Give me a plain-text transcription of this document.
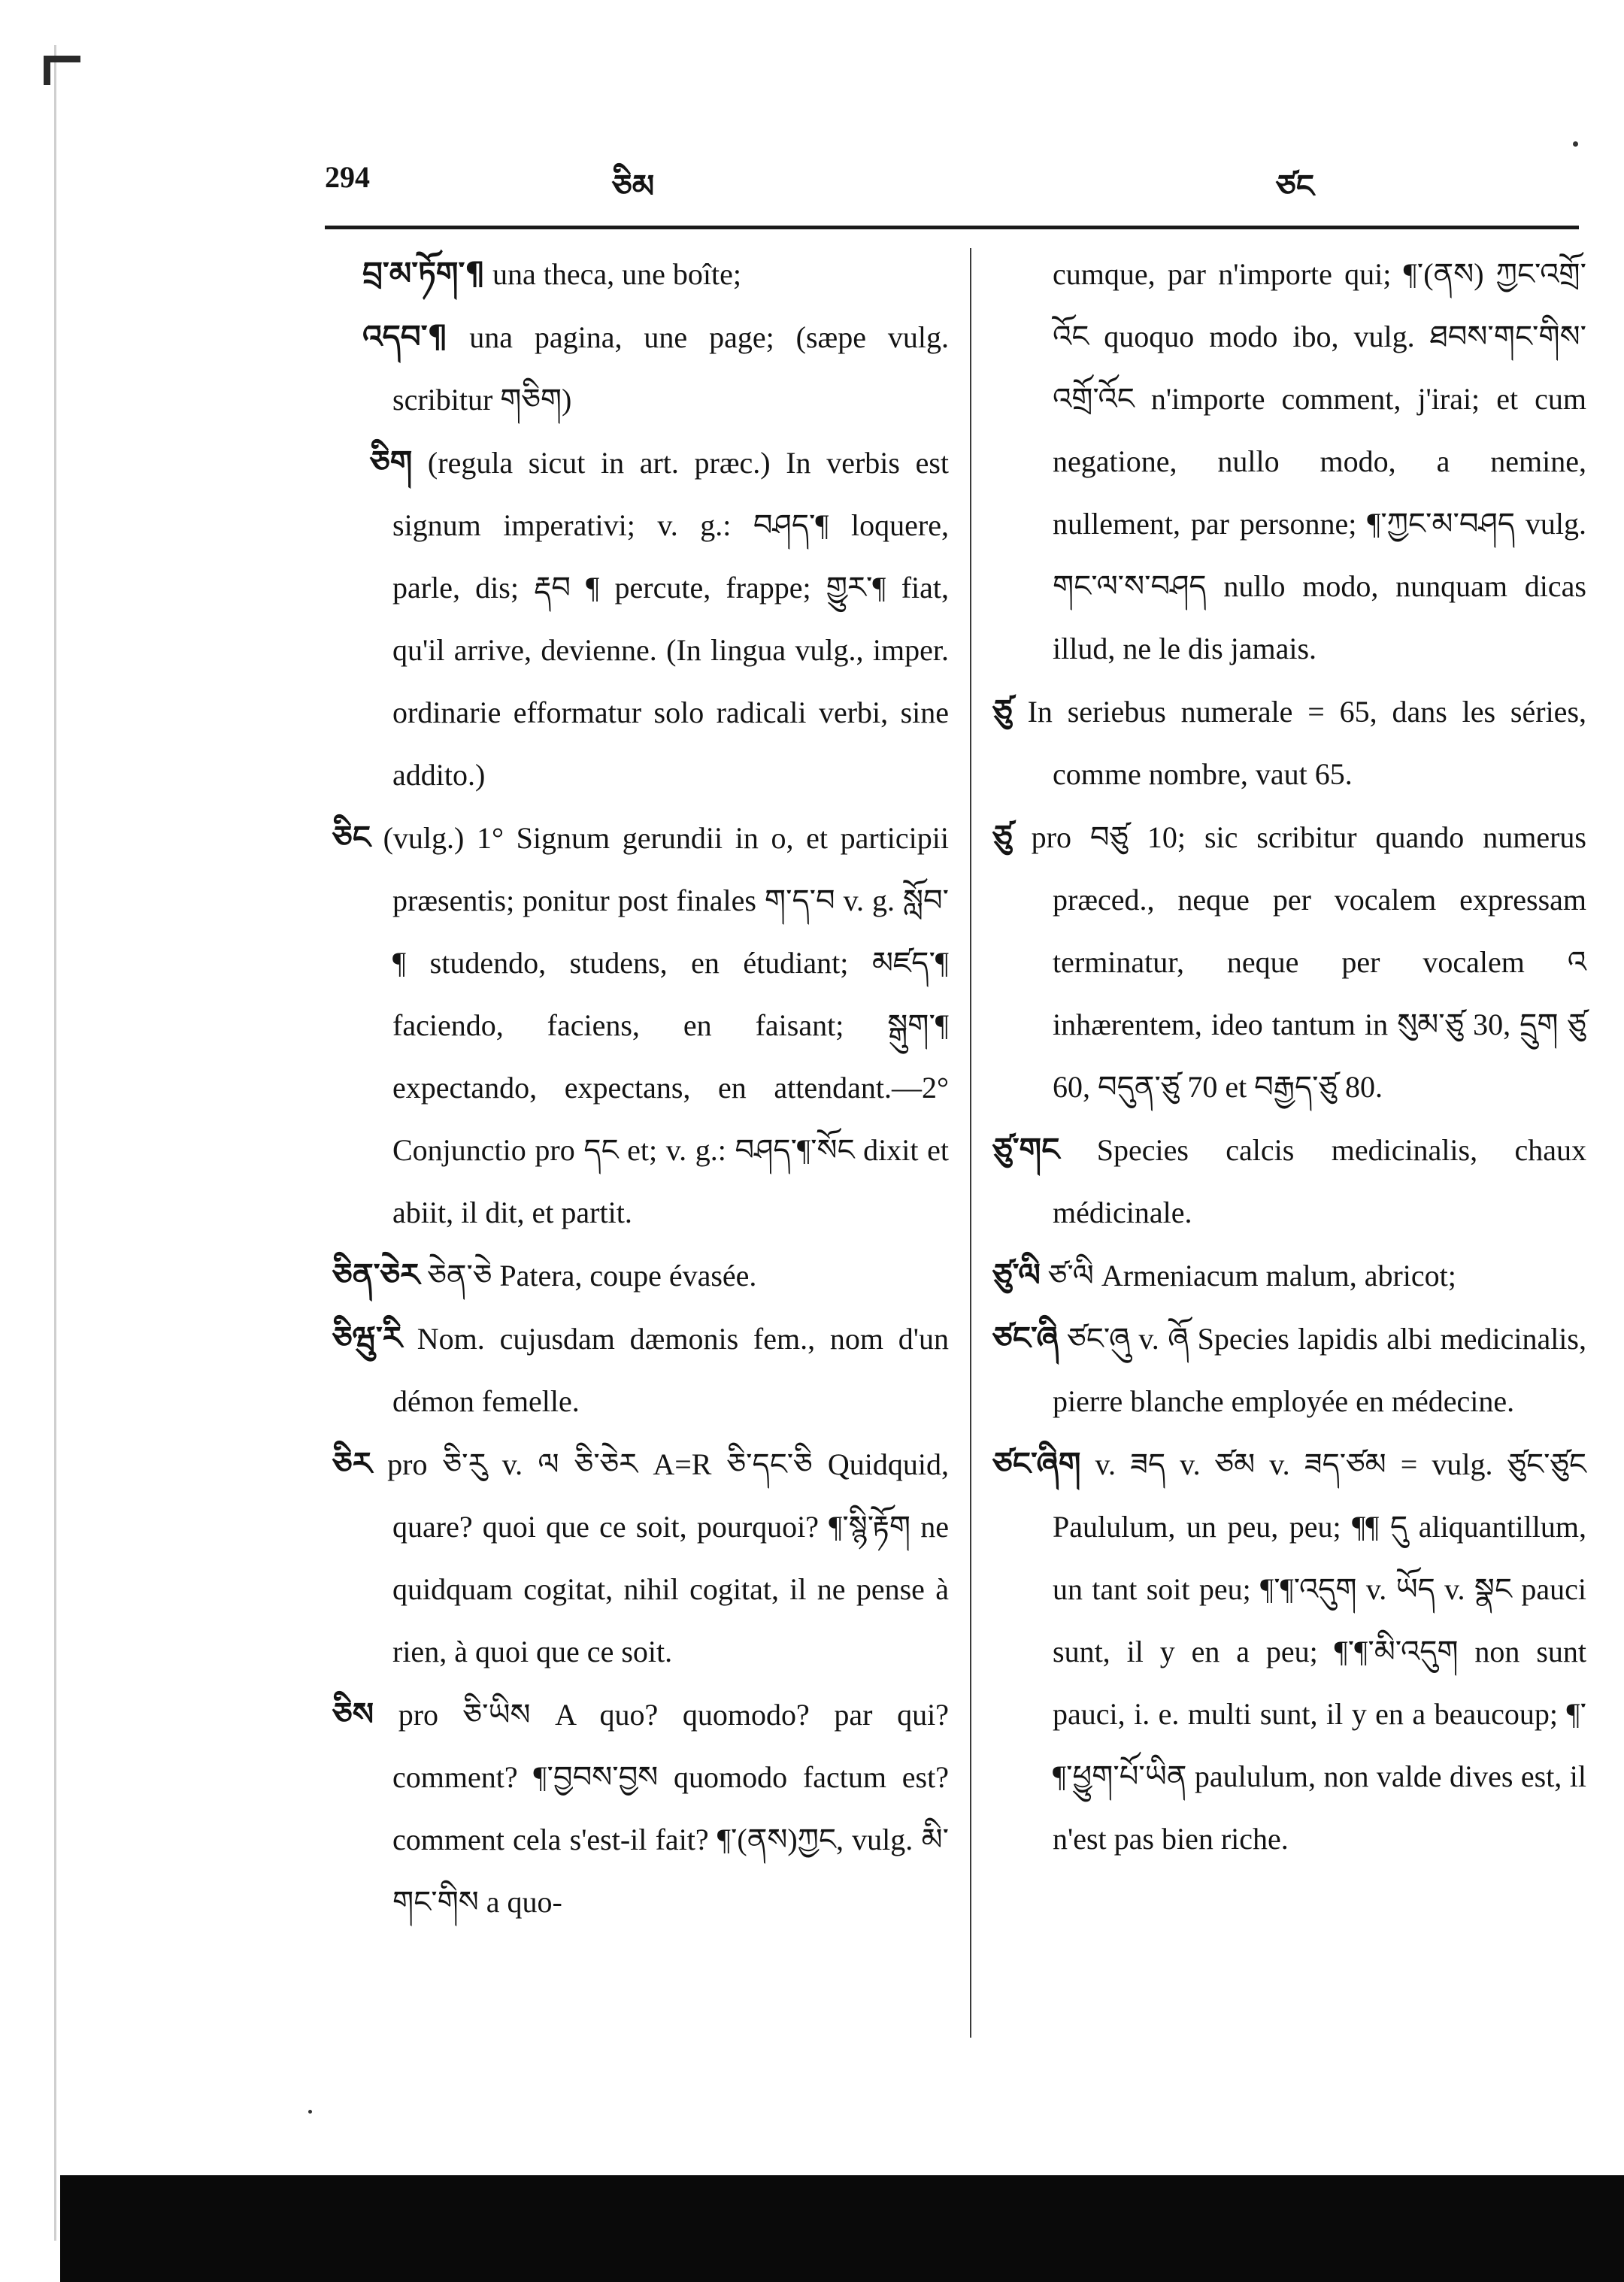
294	ཅིམ	ཙང

བྲ་མ་ཏོག་¶ una theca, une boîte;

འདབ་¶ una pagina, une page; (sæpe vulg. scribitur གཅིག)

ཅིག (regula sicut in art. præc.) In verbis est signum imperativi; v. g.: བཤད་¶ loquere, parle, dis; རྡབ ¶ percute, frappe; གྱུར་¶ fiat, qu'il arrive, devienne. (In lingua vulg., imper. ordinarie efformatur solo radicali verbi, sine addito.)

ཅིང (vulg.) 1° Signum gerundii in o, et participii præsentis; ponitur post finales ག་ད་བ v. g. སློབ་¶ studendo, studens, en étudiant; མཛད་¶ faciendo, faciens, en faisant; སྒུག་¶ expectando, expectans, en attendant.—2° Conjunctio pro དང et; v. g.: བཤད་¶་སོང dixit et abiit, il dit, et partit.

ཅིན་ཅེར ཅེན་ཅེ Patera, coupe évasée.

ཅིཝུ་རི Nom. cujusdam dæmonis fem., nom d'un démon femelle.

ཅིར pro ཅི་རུ v. ལ ཅི་ཅེར A=R ཅི་དང་ཅི Quidquid, quare? quoi que ce soit, pourquoi? ¶་སྙི་རྟོག ne quidquam cogitat, nihil cogitat, il ne pense à rien, à quoi que ce soit.

ཅིས pro ཅི་ཡིས A quo? quomodo? par qui? comment? ¶་བྱབས་བྱས quomodo factum est? comment cela s'est-il fait? ¶་(ནས)ཀྱང, vulg. མི་གང་གིས a quo-

cumque, par n'importe qui; ¶་(ནས) ཀྱང་འགྲོ་འོང quoquo modo ibo, vulg. ཐབས་གང་གིས་འགྲོ་འོང n'importe comment, j'irai; et cum negatione, nullo modo, a nemine, nullement, par personne; ¶་ཀྱང་མ་བཤད vulg. གང་ལ་ས་བཤད nullo modo, nunquam dicas illud, ne le dis jamais.

ཙུ In seriebus numerale = 65, dans les séries, comme nombre, vaut 65.

ཙུ pro བཙུ 10; sic scribitur quando numerus præced., neque per vocalem expressam terminatur, neque per vocalem འ inhærentem, ideo tantum in སུམ་ཙུ 30, དྲུག ཙུ 60, བདུན་ཙུ 70 et བརྒྱད་ཙུ 80.

ཙུ་གང Species calcis medicinalis, chaux médicinale.

ཙུ་ལི ཙ་ལི Armeniacum malum, abricot;

ཙང་ཞི ཙང་ཞུ v. ཞོ Species lapidis albi medicinalis, pierre blanche employée en médecine.

ཙང་ཞིག v. ཟད v. ཙམ v. ཟད་ཙམ = vulg. ཙུང་ཙུང Paululum, un peu, peu; ¶¶ དུ aliquantillum, un tant soit peu; ¶་¶་འདུག v. ཡོད v. སྣང pauci sunt, il y en a peu; ¶་¶་མི་འདུག non sunt pauci, i. e. multi sunt, il y en a beaucoup; ¶་¶་ཕྱུག་པོ་ཡིན paululum, non valde dives est, il n'est pas bien riche.
